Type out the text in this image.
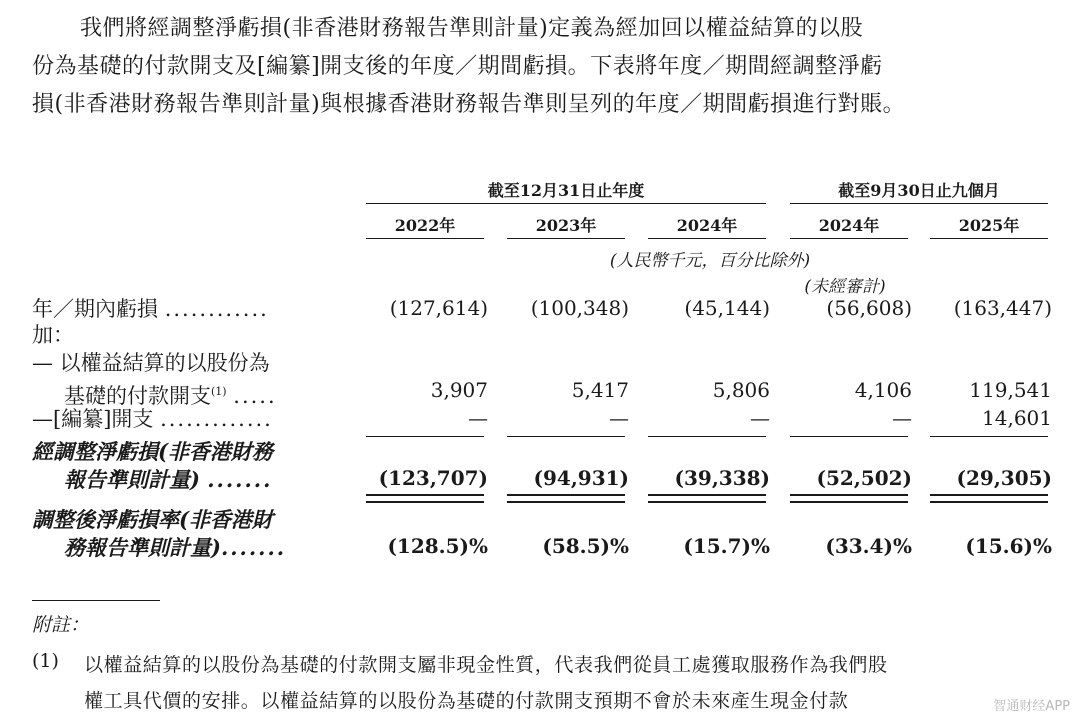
我們將經調整淨虧損(非香港財務報告準則計量)定義為經加回以權益結算的以股

份為基礎的付款開支及[編纂]開支後的年度／期間虧損。下表將年度／期間經調整淨虧

損(非香港財務報告準則計量)與根據香港財務報告準則呈列的年度／期間虧損進行對賬。

截至12月31日止年度	截至9月30日止九個月
2022年	2023年	2024年	2024年	2025年
(人民幣千元，百分比除外)
(未經審計)
年／期內虧損 ............	(127,614)	(100,348)	(45,144)	(56,608)	(163,447)
加：
— 以權益結算的以股份為
基礎的付款開支$^{(1)}$ .....	3,907	5,417	5,806	4,106	119,541
—[編纂]開支 .............	—	—	—	—	14,601
經調整淨虧損(非香港財務
報告準則計量) .......	(123,707)	(94,931)	(39,338)	(52,502)	(29,305)
調整後淨虧損率(非香港財
務報告準則計量).......	(128.5)%	(58.5)%	(15.7)%	(33.4)%	(15.6)%
附註：
(1) 以權益結算的以股份為基礎的付款開支屬非現金性質，代表我們從員工處獲取服務作為我們股
權工具代價的安排。以權益結算的以股份為基礎的付款開支預期不會於未來產生現金付款	智通财经APP
